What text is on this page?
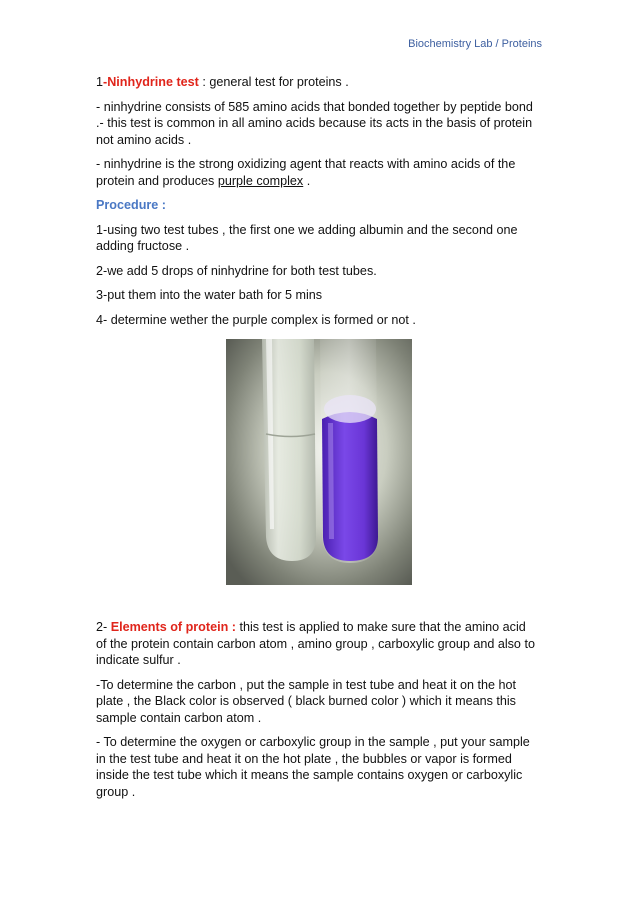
Biochemistry Lab / Proteins

1-Ninhydrine test : general test for proteins .

- ninhydrine consists of 585 amino acids that bonded together by peptide bond .- this test is common in all amino acids because its acts in the basis of protein not amino acids .

- ninhydrine is the strong oxidizing agent that reacts with amino acids of the protein and produces purple complex .

Procedure :

1-using two test tubes , the first one we adding albumin and the second one adding fructose .

2-we add 5 drops of ninhydrine for both test tubes.

3-put them into the water bath for 5 mins

4- determine wether the purple complex is formed or not .

2- Elements of protein : this test is applied to make sure that the amino acid of the protein contain carbon atom , amino group , carboxylic group and also to indicate sulfur .

-To determine the carbon , put the sample in test tube and heat it on the hot plate , the Black color is observed ( black burned color ) which it means this sample contain carbon atom .

- To determine the oxygen or carboxylic group in the sample , put your sample in the test tube and heat it on the hot plate , the bubbles or vapor is formed inside the test tube which it means the sample contains oxygen or carboxylic group .
